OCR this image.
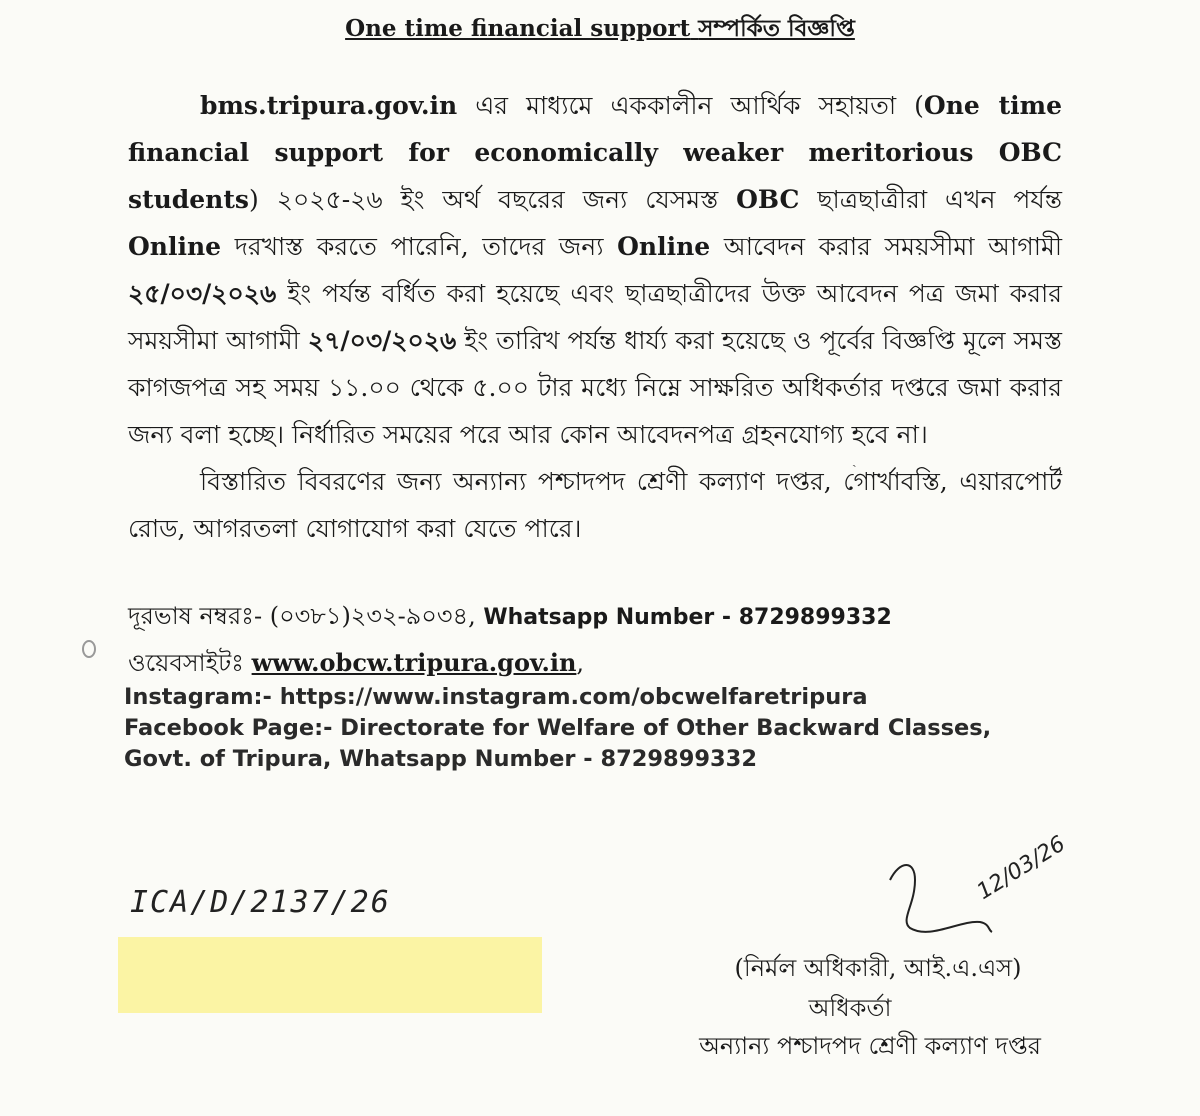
One time financial support সম্পর্কিত বিজ্ঞপ্তি

bms.tripura.gov.in এর মাধ্যমে এককালীন আর্থিক সহায়তা (One time financial support for economically weaker meritorious OBC students) ২০২৫-২৬ ইং অর্থ বছরের জন্য যেসমস্ত OBC ছাত্রছাত্রীরা এখন পর্যন্ত Online দরখাস্ত করতে পারেনি, তাদের জন্য Online আবেদন করার সময়সীমা আগামী ২৫/০৩/২০২৬ ইং পর্যন্ত বর্ধিত করা হয়েছে এবং ছাত্রছাত্রীদের উক্ত আবেদন পত্র জমা করার সময়সীমা আগামী ২৭/০৩/২০২৬ ইং তারিখ পর্যন্ত ধার্য্য করা হয়েছে ও পূর্বের বিজ্ঞপ্তি মূলে সমস্ত কাগজপত্র সহ সময় ১১.০০ থেকে ৫.০০ টার মধ্যে নিম্নে সাক্ষরিত অধিকর্তার দপ্তরে জমা করার জন্য বলা হচ্ছে। নির্ধারিত সময়ের পরে আর কোন আবেদনপত্র গ্রহনযোগ্য হবে না।

বিস্তারিত বিবরণের জন্য অন্যান্য পশ্চাদপদ শ্রেণী কল্যাণ দপ্তর, গোর্খাবস্তি, এয়ারপোর্ট রোড, আগরতলা যোগাযোগ করা যেতে পারে।

দূরভাষ নম্বরঃ- (০৩৮১)২৩২-৯০৩৪, Whatsapp Number - 8729899332
ওয়েবসাইটঃ www.obcw.tripura.gov.in,
ˎ
Instagram:- https://www.instagram.com/obcwelfaretripura
Facebook Page:- Directorate for Welfare of Other Backward Classes,
Govt. of Tripura, Whatsapp Number - 8729899332
ICA/D/2137/26	12/03/26
(নির্মল অধিকারী, আই.এ.এস)
অধিকর্তা
অন্যান্য পশ্চাদপদ শ্রেণী কল্যাণ দপ্তর
